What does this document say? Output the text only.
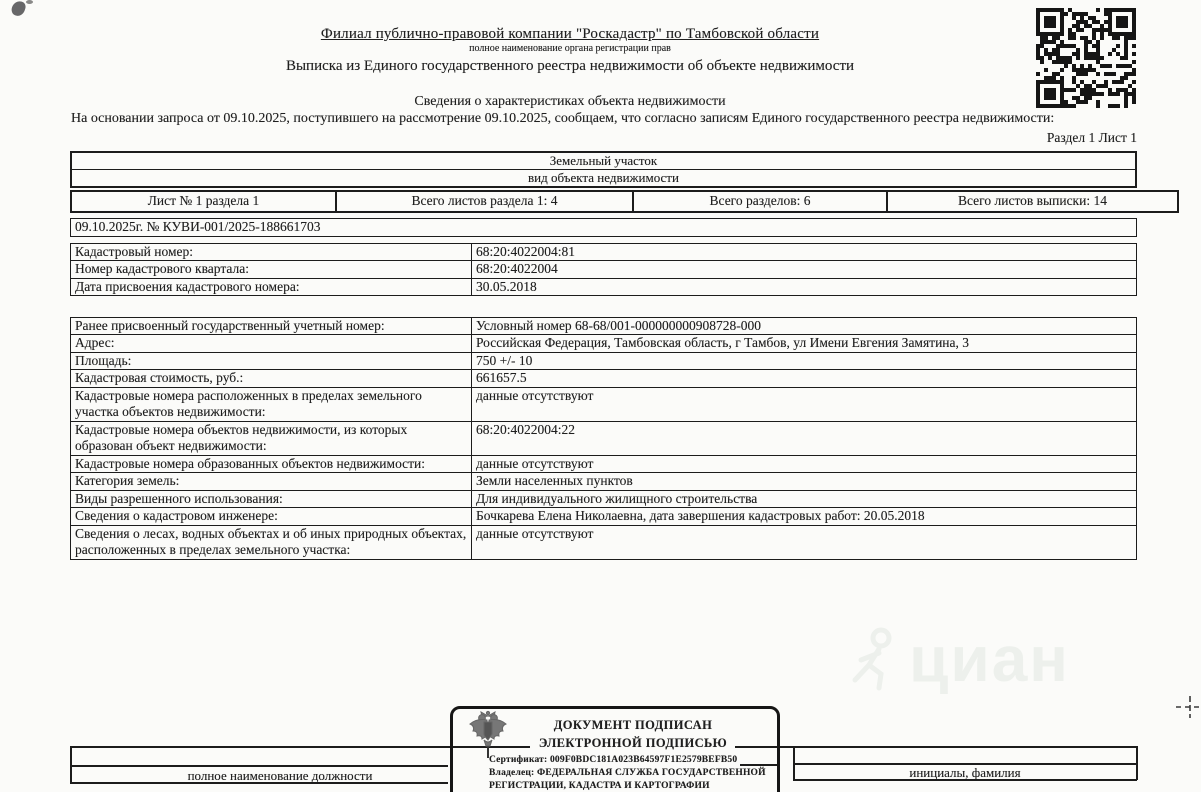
Филиал публично-правовой компании "Роскадастр" по Тамбовской области
полное наименование органа регистрации прав
Выписка из Единого государственного реестра недвижимости об объекте недвижимости
Сведения о характеристиках объекта недвижимости
На основании запроса от 09.10.2025, поступившего на рассмотрение 09.10.2025, сообщаем, что согласно записям Единого государственного реестра недвижимости:
Раздел 1 Лист 1
Земельный участок
вид объекта недвижимости
Лист № 1 раздела 1	Всего листов раздела 1: 4	Всего разделов: 6	Всего листов выписки: 14
09.10.2025г. № КУВИ-001/2025-188661703
Кадастровый номер:	68:20:4022004:81
Номер кадастрового квартала:	68:20:4022004
Дата присвоения кадастрового номера:	30.05.2018
Ранее присвоенный государственный учетный номер:	Условный номер 68-68/001-000000000908728-000
Адрес:	Российская Федерация, Тамбовская область, г Тамбов, ул Имени Евгения Замятина, 3
Площадь:	750 +/- 10
Кадастровая стоимость, руб.:	661657.5
Кадастровые номера расположенных в пределах земельного участка объектов недвижимости:	данные отсутствуют
Кадастровые номера объектов недвижимости, из которых образован объект недвижимости:	68:20:4022004:22
Кадастровые номера образованных объектов недвижимости:	данные отсутствуют
Категория земель:	Земли населенных пунктов
Виды разрешенного использования:	Для индивидуального жилищного строительства
Сведения о кадастровом инженере:	Бочкарева Елена Николаевна, дата завершения кадастровых работ: 20.05.2018
Сведения о лесах, водных объектах и об иных природных объектах, расположенных в пределах земельного участка:	данные отсутствуют
циан
полное наименование должности	инициалы, фамилия
ДОКУМЕНТ ПОДПИСАН
ЭЛЕКТРОННОЙ ПОДПИСЬЮ
Сертификат: 009F0BDC181A023B64597F1E2579BEFB50
Владелец: ФЕДЕРАЛЬНАЯ СЛУЖБА ГОСУДАРСТВЕННОЙ
РЕГИСТРАЦИИ, КАДАСТРА И КАРТОГРАФИИ
